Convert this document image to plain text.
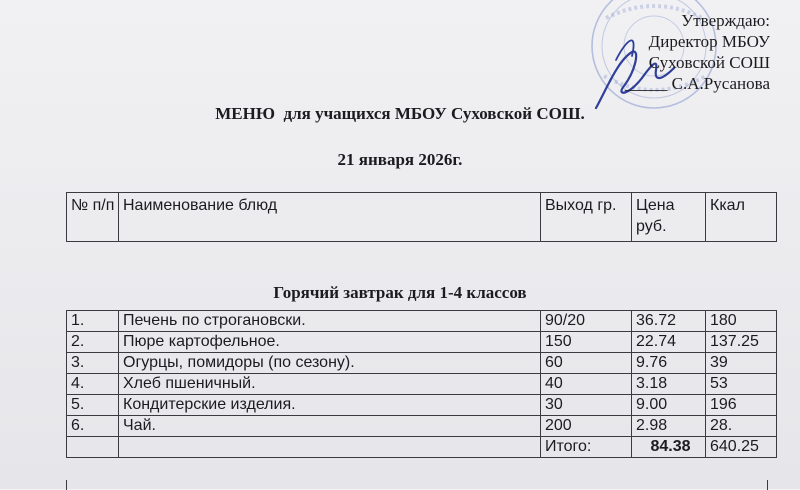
Утверждаю:
Директор МБОУ
Суховской СОШ
_____ С.А.Русанова
МЕНЮ  для учащихся МБОУ Суховской СОШ.
21 января 2026г.
№ п/п	Наименование блюд	Выход гр.	Цена руб.	Ккал
Горячий завтрак для 1-4 классов
1.	Печень по строгановски.	90/20	36.72	180
2.	Пюре картофельное.	150	22.74	137.25
3.	Огурцы, помидоры (по сезону).	60	9.76	39
4.	Хлеб пшеничный.	40	3.18	53
5.	Кондитерские изделия.	30	9.00	196
6.	Чай.	200	2.98	28.
		Итого:	84.38	640.25
